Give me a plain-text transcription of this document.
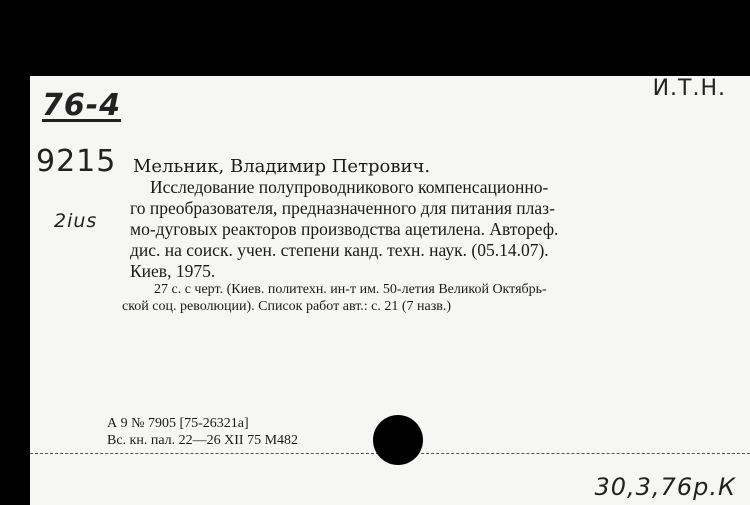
76-4
9215
2ius
И.Т.Н.
Мельник, Владимир Петрович.
Исследование полупроводникового компенсационно-
го преобразователя, предназначенного для питания плаз-
мо-дуговых реакторов производства ацетилена. Автореф.
дис. на соиск. учен. степени канд. техн. наук. (05.14.07).
Киев, 1975.
27 с. с черт. (Киев. политехн. ин-т им. 50-летия Великой Октябрь-
ской соц. революции). Список работ авт.: с. 21 (7 назв.)
А 9 № 7905 [75-26321а]
Вс. кн. пал. 22—26 XII 75 М482
30,3,76р.К
